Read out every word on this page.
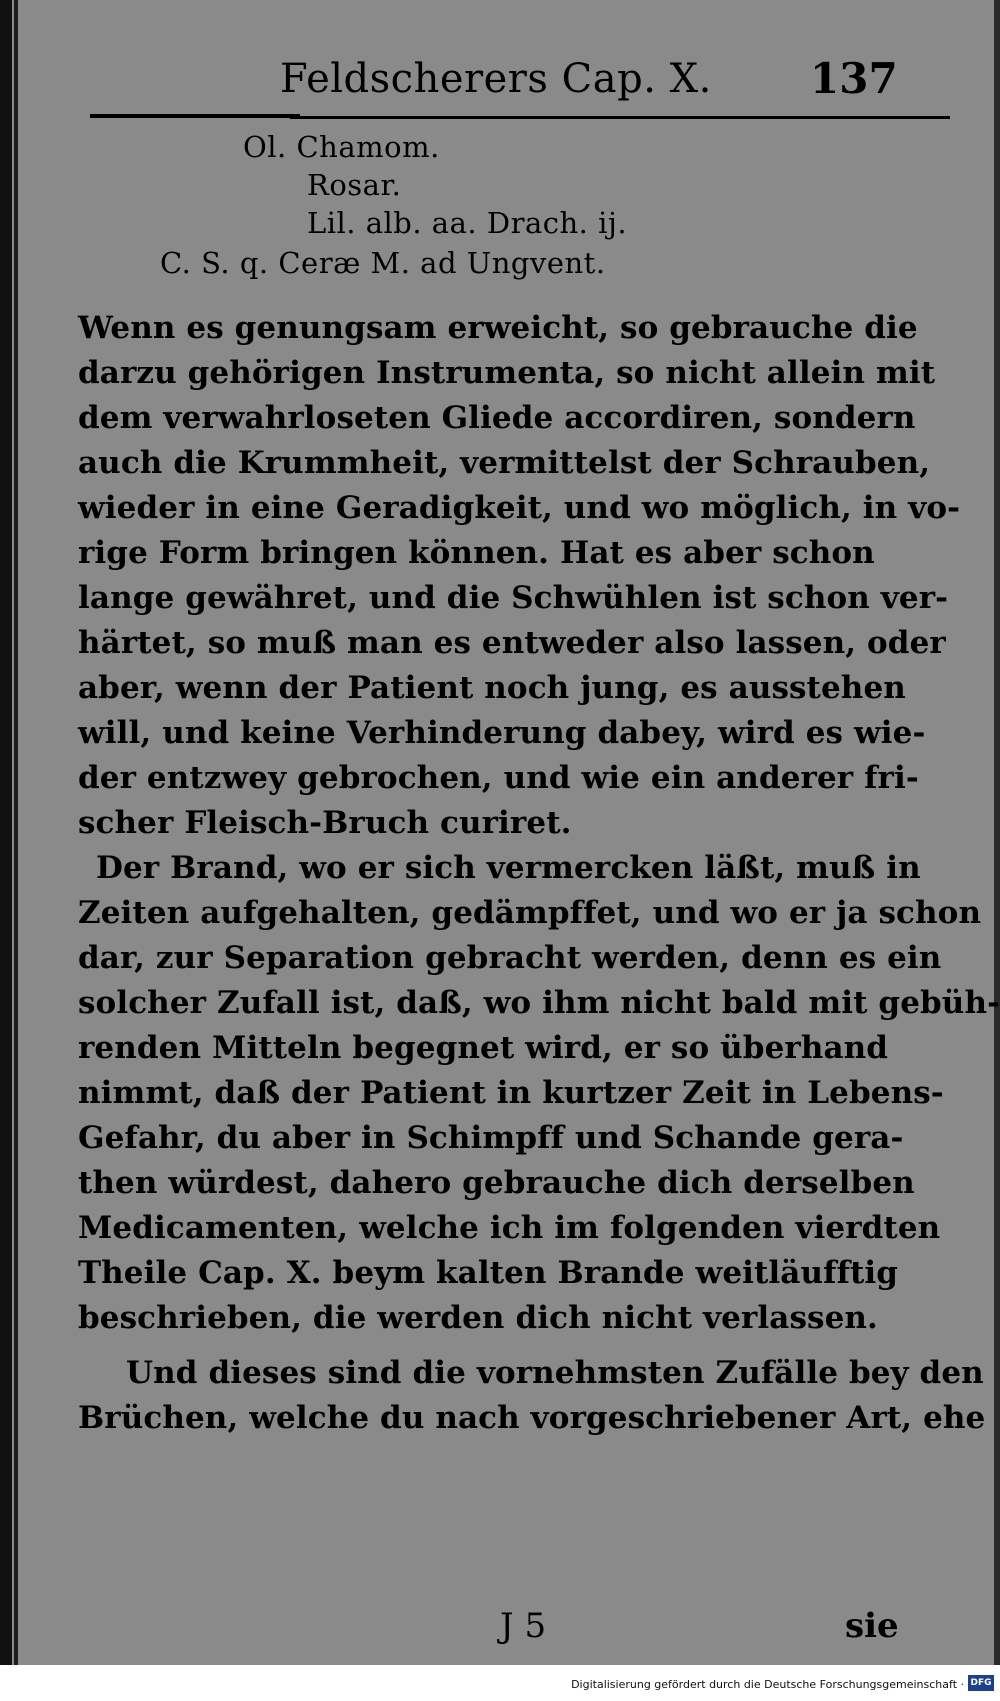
Feldscherers Cap. X. 137
Ol. Chamom.
Rosar.
Lil. alb. aa. Drach. ij.
C. S. q. Ceræ M. ad Ungvent.
Wenn es genungsam erweicht, so gebrauche die
darzu gehörigen Instrumenta, so nicht allein mit
dem verwahrloseten Gliede accordiren, sondern
auch die Krummheit, vermittelst der Schrauben,
wieder in eine Geradigkeit, und wo möglich, in vo-
rige Form bringen können. Hat es aber schon
lange gewähret, und die Schwühlen ist schon ver-
härtet, so muß man es entweder also lassen, oder
aber, wenn der Patient noch jung, es ausstehen
will, und keine Verhinderung dabey, wird es wie-
der entzwey gebrochen, und wie ein anderer fri-
scher Fleisch-Bruch curiret.
Der Brand, wo er sich vermercken läßt, muß in
Zeiten aufgehalten, gedämpffet, und wo er ja schon
dar, zur Separation gebracht werden, denn es ein
solcher Zufall ist, daß, wo ihm nicht bald mit gebüh-
renden Mitteln begegnet wird, er so überhand
nimmt, daß der Patient in kurtzer Zeit in Lebens-
Gefahr, du aber in Schimpff und Schande gera-
then würdest, dahero gebrauche dich derselben
Medicamenten, welche ich im folgenden vierdten
Theile Cap. X. beym kalten Brande weitläufftig
beschrieben, die werden dich nicht verlassen.
Und dieses sind die vornehmsten Zufälle bey den
Brüchen, welche du nach vorgeschriebener Art, ehe
J 5	sie
Digitalisierung gefördert durch die Deutsche Forschungsgemeinschaft · DFG
